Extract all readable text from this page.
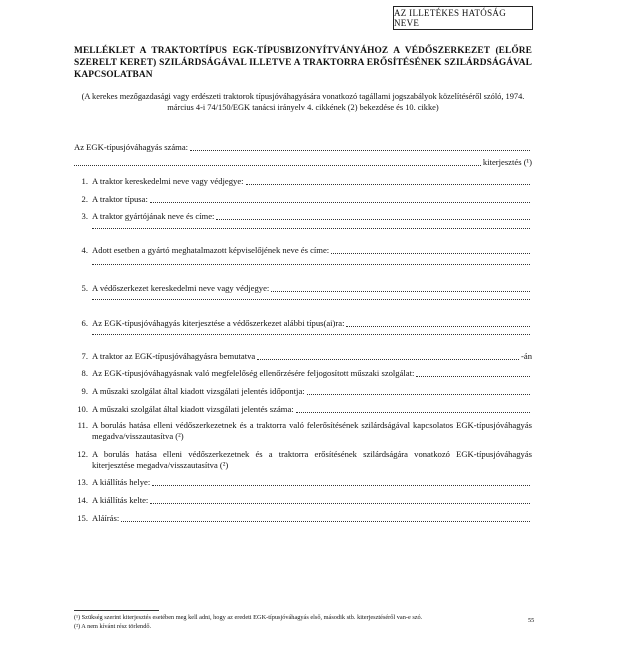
AZ ILLETÉKES HATÓSÁG NEVE
MELLÉKLET A TRAKTORTÍPUS EGK-TÍPUSBIZONYÍTVÁNYÁHOZ A VÉDŐSZERKEZET (ELŐRE SZERELT KERET) SZILÁRDSÁGÁVAL ILLETVE A TRAKTORRA ERŐSÍTÉSÉNEK SZILÁRDSÁGÁVAL KAPCSOLATBAN
(A kerekes mezőgazdasági vagy erdészeti traktorok típusjóváhagyására vonatkozó tagállami jogszabályok közelítéséről szóló, 1974. március 4-i 74/150/EGK tanácsi irányelv 4. cikkének (2) bekezdése és 10. cikke)
Az EGK-típusjóváhagyás száma:
kiterjesztés (¹)
1. A traktor kereskedelmi neve vagy védjegye:
2. A traktor típusa:
3. A traktor gyártójának neve és címe:
4. Adott esetben a gyártó meghatalmazott képviselőjének neve és címe:
5. A védőszerkezet kereskedelmi neve vagy védjegye:
6. Az EGK-típusjóváhagyás kiterjesztése a védőszerkezet alábbi típus(ai)ra:
7. A traktor az EGK-típusjóváhagyásra bemutatva	-án
8. Az EGK-típusjóváhagyásnak való megfelelőség ellenőrzésére feljogosított műszaki szolgálat:
9. A műszaki szolgálat által kiadott vizsgálati jelentés időpontja:
10. A műszaki szolgálat által kiadott vizsgálati jelentés száma:
11. A borulás hatása elleni védőszerkezetnek és a traktorra való felerősítésének szilárdságával kapcsolatos EGK-típusjóváhagyás megadva/visszautasítva (²)
12. A borulás hatása elleni védőszerkezetnek és a traktorra erősítésének szilárdságára vonatkozó EGK-típusjóváhagyás kiterjesztése megadva/visszautasítva (²)
13. A kiállítás helye:
14. A kiállítás kelte:
15. Aláírás:
(¹) Szükség szerint kiterjesztés esetében meg kell adni, hogy az eredeti EGK-típusjóváhagyás első, második stb. kiterjesztéséről van-e szó.
(²) A nem kívánt rész törlendő.
55
